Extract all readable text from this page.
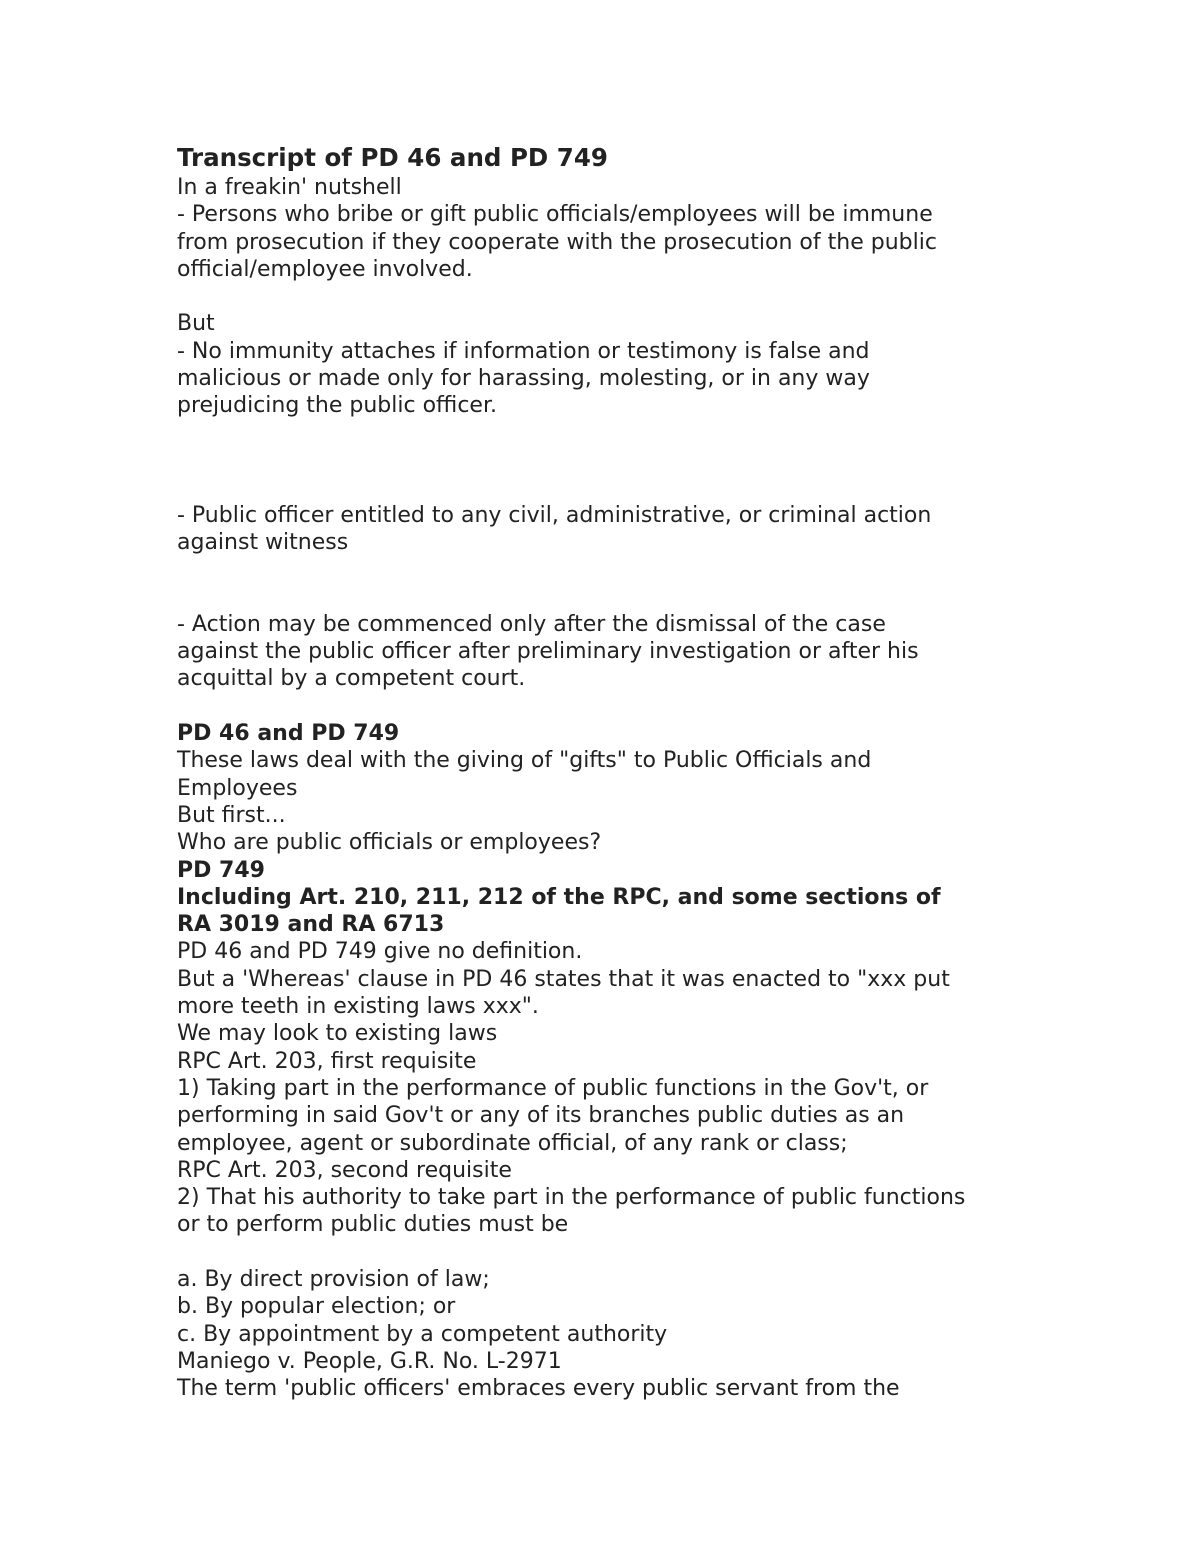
Transcript of PD 46 and PD 749
In a freakin' nutshell
- Persons who bribe or gift public officials/employees will be immune
from prosecution if they cooperate with the prosecution of the public
official/employee involved.
But
- No immunity attaches if information or testimony is false and
malicious or made only for harassing, molesting, or in any way
prejudicing the public officer.
- Public officer entitled to any civil, administrative, or criminal action
against witness
- Action may be commenced only after the dismissal of the case
against the public officer after preliminary investigation or after his
acquittal by a competent court.
PD 46 and PD 749
These laws deal with the giving of "gifts" to Public Officials and
Employees
But first...
Who are public officials or employees?
PD 749
Including Art. 210, 211, 212 of the RPC, and some sections of
RA 3019 and RA 6713
PD 46 and PD 749 give no definition.
But a 'Whereas' clause in PD 46 states that it was enacted to "xxx put
more teeth in existing laws xxx".
We may look to existing laws
RPC Art. 203, first requisite
1) Taking part in the performance of public functions in the Gov't, or
performing in said Gov't or any of its branches public duties as an
employee, agent or subordinate official, of any rank or class;
RPC Art. 203, second requisite
2) That his authority to take part in the performance of public functions
or to perform public duties must be
a. By direct provision of law;
b. By popular election; or
c. By appointment by a competent authority
Maniego v. People, G.R. No. L-2971
The term 'public officers' embraces every public servant from the
